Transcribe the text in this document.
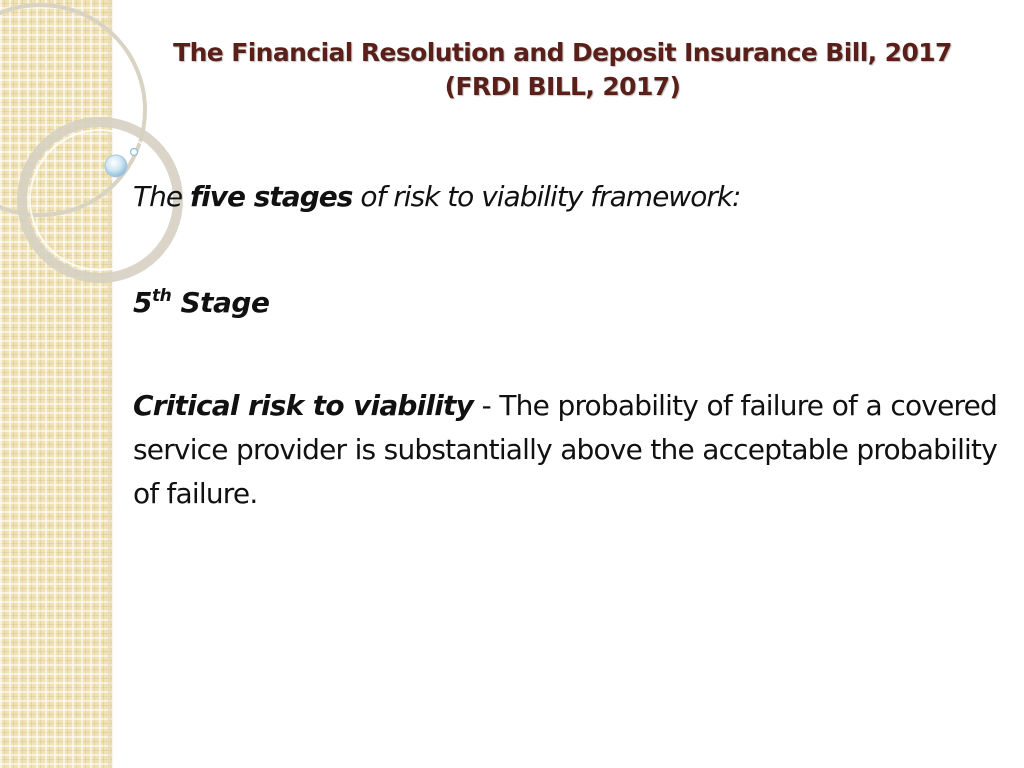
The Financial Resolution and Deposit Insurance Bill, 2017
(FRDI BILL, 2017)

The five stages of risk to viability framework:

5th Stage

Critical risk to viability - The probability of failure of a covered service provider is substantially above the acceptable probability of failure.
